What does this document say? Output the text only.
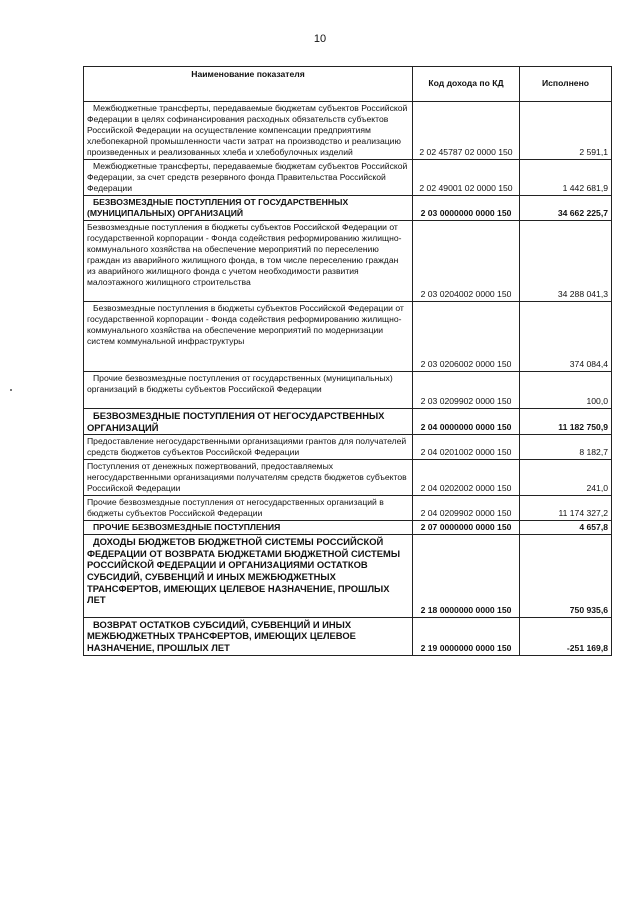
10
Наименование показателя	Код дохода по КД	Исполнено
Межбюджетные трансферты, передаваемые бюджетам субъектов Российской Федерации в целях софинансирования расходных обязательств субъектов Российской Федерации на осуществление компенсации предприятиям хлебопекарной промышленности части затрат на производство и реализацию произведенных и реализованных хлеба и хлебобулочных изделий	2 02 45787 02 0000 150	2 591,1
Межбюджетные трансферты, передаваемые бюджетам субъектов Российской Федерации, за счет средств резервного фонда Правительства Российской Федерации	2 02 49001 02 0000 150	1 442 681,9
БЕЗВОЗМЕЗДНЫЕ ПОСТУПЛЕНИЯ ОТ ГОСУДАРСТВЕННЫХ (МУНИЦИПАЛЬНЫХ) ОРГАНИЗАЦИЙ	2 03 0000000 0000 150	34 662 225,7
Безвозмездные поступления в бюджеты субъектов Российской Федерации от государственной корпорации - Фонда содействия реформированию жилищно-коммунального хозяйства на обеспечение мероприятий по переселению граждан из аварийного жилищного фонда, в том числе переселению граждан из аварийного жилищного фонда с учетом необходимости развития малоэтажного жилищного строительства	2 03 0204002 0000 150	34 288 041,3
Безвозмездные поступления в бюджеты субъектов Российской Федерации от государственной корпорации - Фонда содействия реформированию жилищно-коммунального хозяйства на обеспечение мероприятий по модернизации систем коммунальной инфраструктуры	2 03 0206002 0000 150	374 084,4
Прочие безвозмездные поступления от государственных (муниципальных) организаций в бюджеты субъектов Российской Федерации	2 03 0209902 0000 150	100,0
БЕЗВОЗМЕЗДНЫЕ ПОСТУПЛЕНИЯ ОТ НЕГОСУДАРСТВЕННЫХ ОРГАНИЗАЦИЙ	2 04 0000000 0000 150	11 182 750,9
Предоставление негосударственными организациями грантов для получателей средств бюджетов субъектов Российской Федерации	2 04 0201002 0000 150	8 182,7
Поступления от денежных пожертвований, предоставляемых негосударственными организациями получателям средств бюджетов субъектов Российской Федерации	2 04 0202002 0000 150	241,0
Прочие безвозмездные поступления от негосударственных организаций в бюджеты субъектов Российской Федерации	2 04 0209902 0000 150	11 174 327,2
ПРОЧИЕ БЕЗВОЗМЕЗДНЫЕ ПОСТУПЛЕНИЯ	2 07 0000000 0000 150	4 657,8
ДОХОДЫ БЮДЖЕТОВ БЮДЖЕТНОЙ СИСТЕМЫ РОССИЙСКОЙ ФЕДЕРАЦИИ ОТ ВОЗВРАТА БЮДЖЕТАМИ БЮДЖЕТНОЙ СИСТЕМЫ РОССИЙСКОЙ ФЕДЕРАЦИИ И ОРГАНИЗАЦИЯМИ ОСТАТКОВ СУБСИДИЙ, СУБВЕНЦИЙ И ИНЫХ МЕЖБЮДЖЕТНЫХ ТРАНСФЕРТОВ, ИМЕЮЩИХ ЦЕЛЕВОЕ НАЗНАЧЕНИЕ, ПРОШЛЫХ ЛЕТ	2 18 0000000 0000 150	750 935,6
ВОЗВРАТ ОСТАТКОВ СУБСИДИЙ, СУБВЕНЦИЙ И ИНЫХ МЕЖБЮДЖЕТНЫХ ТРАНСФЕРТОВ, ИМЕЮЩИХ ЦЕЛЕВОЕ НАЗНАЧЕНИЕ, ПРОШЛЫХ ЛЕТ	2 19 0000000 0000 150	-251 169,8
